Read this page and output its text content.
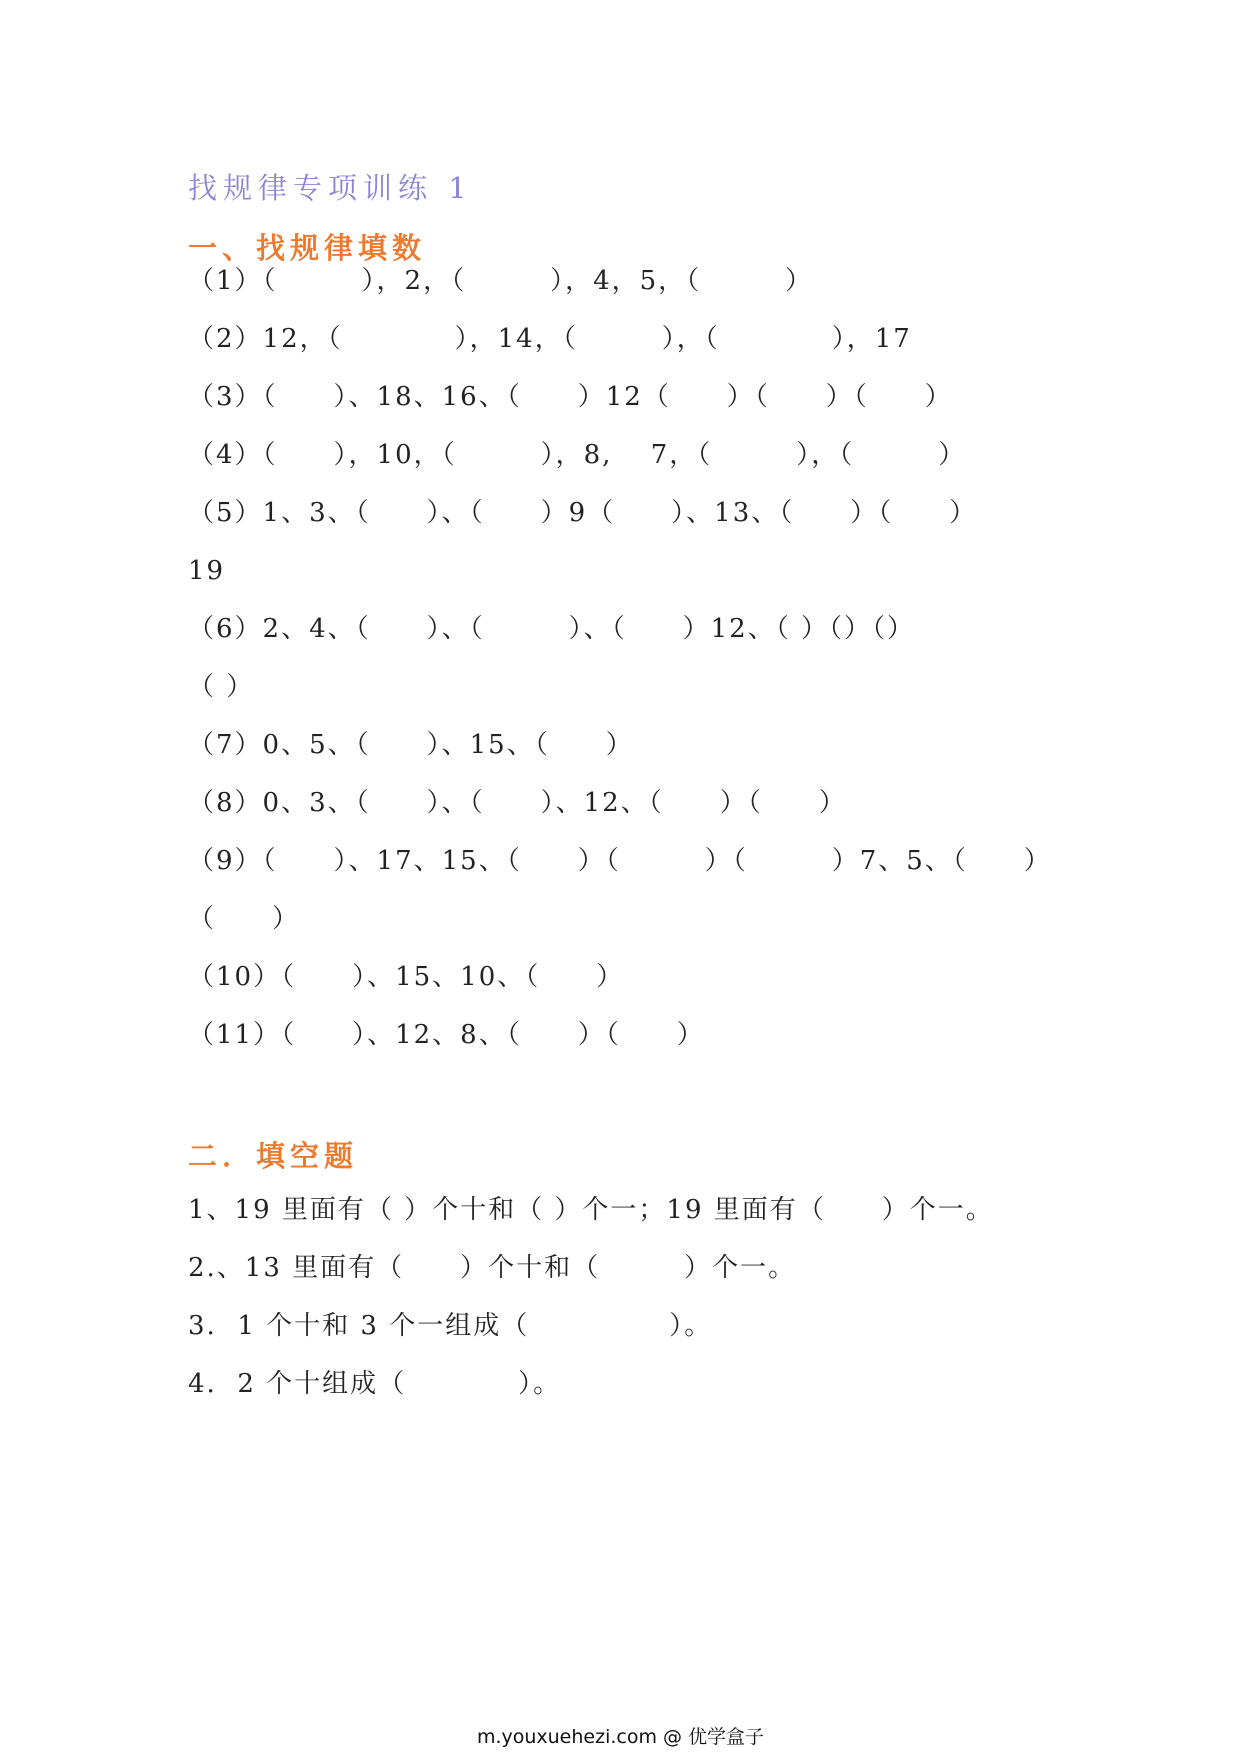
找规律专项训练 1
一、找规律填数
（1）（　　　），2，（　　　），4，5，（　　　）
（2）12，（　　　　），14，（　　　），（　　　　），17
（3）（　　）、18、16、（　　）12（　　）（　　）（　　）
（4）（　　），10，（　　　），8,　 7，（　　　），（　　　）
（5）1、3、（　　）、（　　）9（　　）、13、（　　）（　　）
19
（6）2、4、（　　）、（　　　）、（　　）12、（ ）（）（）
（ ）
（7）0、5、（　　）、15、（　　）
（8）0、3、（　　）、（　　）、12、（　　）（　　）
（9）（　　）、17、15、（　　）（　　　）（　　　）7、5、（　　）
（　　）
（10）（　　）、15、10、（　　）
（11）（　　）、12、8、（　　）（　　）
二．填空题
1、19 里面有（ ）个十和（ ）个一；19 里面有（　　）个一。
2.、13 里面有（　　）个十和（　　　）个一。
3.  1 个十和 3 个一组成（　　　　　）。
4.  2 个十组成（　　　　）。
m.youxuehezi.com @ 优学盒子
